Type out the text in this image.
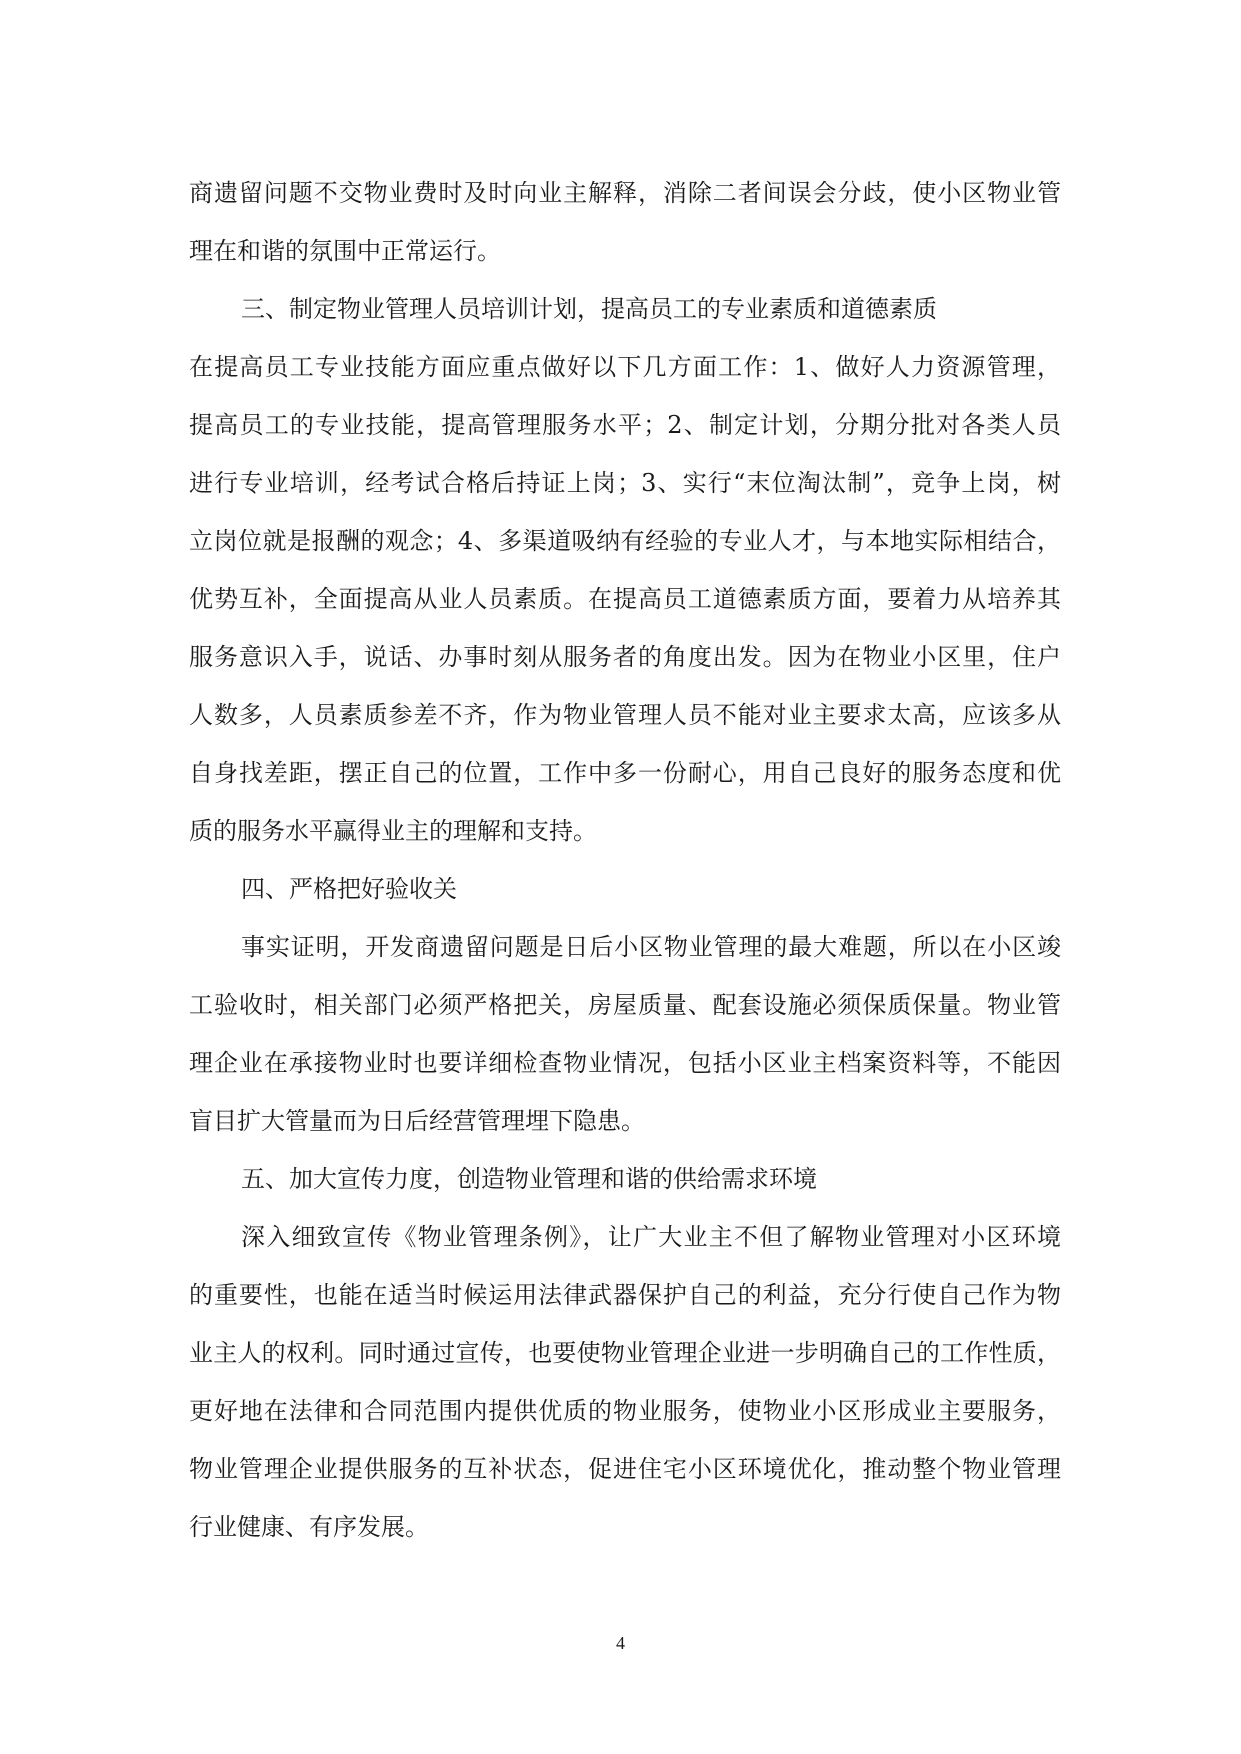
商遗留问题不交物业费时及时向业主解释，消除二者间误会分歧，使小区物业管
理在和谐的氛围中正常运行。
三、制定物业管理人员培训计划，提高员工的专业素质和道德素质
在提高员工专业技能方面应重点做好以下几方面工作：1、做好人力资源管理，
提高员工的专业技能，提高管理服务水平；2、制定计划，分期分批对各类人员
进行专业培训，经考试合格后持证上岗；3、实行“末位淘汰制”，竞争上岗，树
立岗位就是报酬的观念；4、多渠道吸纳有经验的专业人才，与本地实际相结合，
优势互补，全面提高从业人员素质。在提高员工道德素质方面，要着力从培养其
服务意识入手，说话、办事时刻从服务者的角度出发。因为在物业小区里，住户
人数多，人员素质参差不齐，作为物业管理人员不能对业主要求太高，应该多从
自身找差距，摆正自己的位置，工作中多一份耐心，用自己良好的服务态度和优
质的服务水平赢得业主的理解和支持。
四、严格把好验收关
事实证明，开发商遗留问题是日后小区物业管理的最大难题，所以在小区竣
工验收时，相关部门必须严格把关，房屋质量、配套设施必须保质保量。物业管
理企业在承接物业时也要详细检查物业情况，包括小区业主档案资料等，不能因
盲目扩大管量而为日后经营管理埋下隐患。
五、加大宣传力度，创造物业管理和谐的供给需求环境
深入细致宣传《物业管理条例》，让广大业主不但了解物业管理对小区环境
的重要性，也能在适当时候运用法律武器保护自己的利益，充分行使自己作为物
业主人的权利。同时通过宣传，也要使物业管理企业进一步明确自己的工作性质，
更好地在法律和合同范围内提供优质的物业服务，使物业小区形成业主要服务，
物业管理企业提供服务的互补状态，促进住宅小区环境优化，推动整个物业管理
行业健康、有序发展。
4
